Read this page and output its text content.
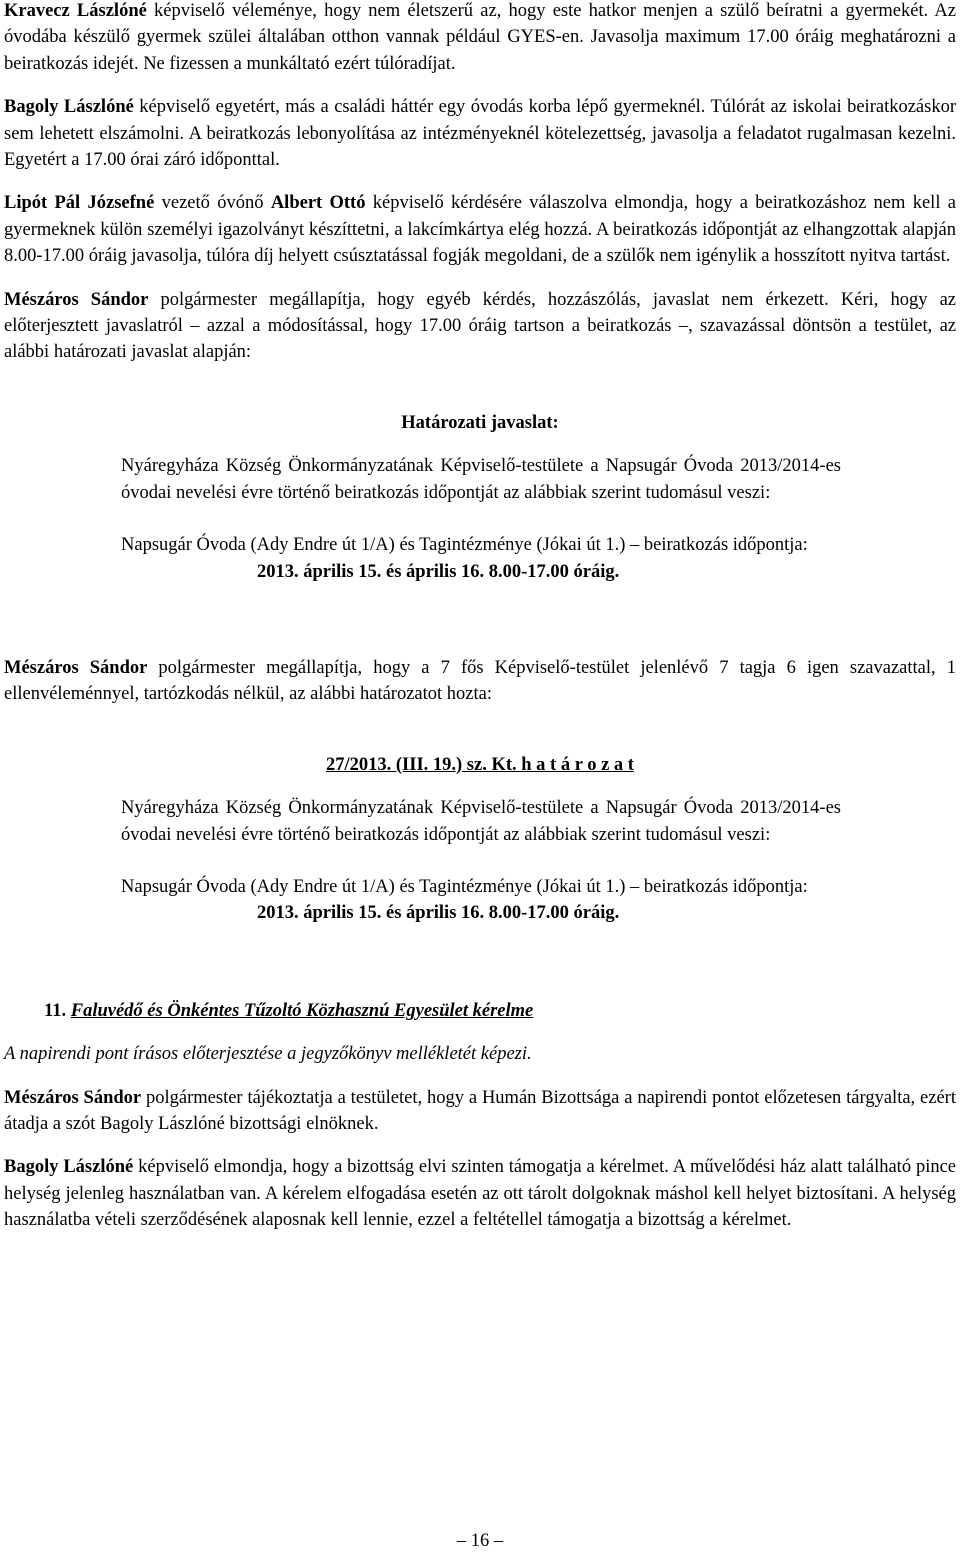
Kravecz Lászlóné képviselő véleménye, hogy nem életszerű az, hogy este hatkor menjen a szülő beíratni a gyermekét. Az óvodába készülő gyermek szülei általában otthon vannak például GYES-en. Javasolja maximum 17.00 óráig meghatározni a beiratkozás idejét. Ne fizessen a munkáltató ezért túlóradíjat.

Bagoly Lászlóné képviselő egyetért, más a családi háttér egy óvodás korba lépő gyermeknél. Túlórát az iskolai beiratkozáskor sem lehetett elszámolni. A beiratkozás lebonyolítása az intézményeknél kötelezettség, javasolja a feladatot rugalmasan kezelni. Egyetért a 17.00 órai záró időponttal.

Lipót Pál Józsefné vezető óvónő Albert Ottó képviselő kérdésére válaszolva elmondja, hogy a beiratkozáshoz nem kell a gyermeknek külön személyi igazolványt készíttetni, a lakcímkártya elég hozzá. A beiratkozás időpontját az elhangzottak alapján 8.00-17.00 óráig javasolja, túlóra díj helyett csúsztatással fogják megoldani, de a szülők nem igénylik a hosszított nyitva tartást.

Mészáros Sándor polgármester megállapítja, hogy egyéb kérdés, hozzászólás, javaslat nem érkezett. Kéri, hogy az előterjesztett javaslatról – azzal a módosítással, hogy 17.00 óráig tartson a beiratkozás –, szavazással döntsön a testület, az alábbi határozati javaslat alapján:

Határozati javaslat:

Nyáregyháza Község Önkormányzatának Képviselő-testülete a Napsugár Óvoda 2013/2014-es óvodai nevelési évre történő beiratkozás időpontját az alábbiak szerint tudomásul veszi:

Napsugár Óvoda (Ady Endre út 1/A) és Tagintézménye (Jókai út 1.) – beiratkozás időpontja:

2013. április 15. és április 16. 8.00-17.00 óráig.

Mészáros Sándor polgármester megállapítja, hogy a 7 fős Képviselő-testület jelenlévő 7 tagja 6 igen szavazattal, 1 ellenvéleménnyel, tartózkodás nélkül, az alábbi határozatot hozta:

27/2013. (III. 19.) sz. Kt. h a t á r o z a t

Nyáregyháza Község Önkormányzatának Képviselő-testülete a Napsugár Óvoda 2013/2014-es óvodai nevelési évre történő beiratkozás időpontját az alábbiak szerint tudomásul veszi:

Napsugár Óvoda (Ady Endre út 1/A) és Tagintézménye (Jókai út 1.) – beiratkozás időpontja:

2013. április 15. és április 16. 8.00-17.00 óráig.

11. Faluvédő és Önkéntes Tűzoltó Közhasznú Egyesület kérelme

A napirendi pont írásos előterjesztése a jegyzőkönyv mellékletét képezi.

Mészáros Sándor polgármester tájékoztatja a testületet, hogy a Humán Bizottsága a napirendi pontot előzetesen tárgyalta, ezért átadja a szót Bagoly Lászlóné bizottsági elnöknek.

Bagoly Lászlóné képviselő elmondja, hogy a bizottság elvi szinten támogatja a kérelmet. A művelődési ház alatt található pince helység jelenleg használatban van. A kérelem elfogadása esetén az ott tárolt dolgoknak máshol kell helyet biztosítani. A helység használatba vételi szerződésének alaposnak kell lennie, ezzel a feltétellel támogatja a bizottság a kérelmet.

– 16 –
